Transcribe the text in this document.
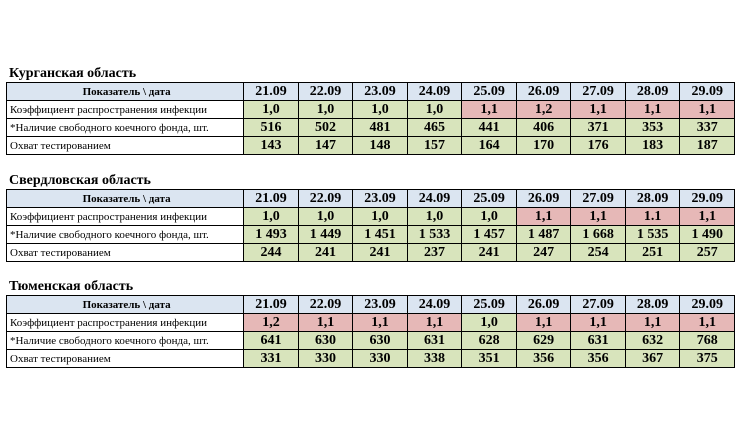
Курганская область
Показатель \ дата	21.09	22.09	23.09	24.09	25.09	26.09	27.09	28.09	29.09
Коэффициент распространения инфекции	1,0	1,0	1,0	1,0	1,1	1,2	1,1	1,1	1,1
*Наличие свободного коечного фонда, шт.	516	502	481	465	441	406	371	353	337
Охват тестированием	143	147	148	157	164	170	176	183	187
Свердловская область
Показатель \ дата	21.09	22.09	23.09	24.09	25.09	26.09	27.09	28.09	29.09
Коэффициент распространения инфекции	1,0	1,0	1,0	1,0	1,0	1,1	1,1	1.1	1,1
*Наличие свободного коечного фонда, шт.	1 493	1 449	1 451	1 533	1 457	1 487	1 668	1 535	1 490
Охват тестированием	244	241	241	237	241	247	254	251	257
Тюменская область
Показатель \ дата	21.09	22.09	23.09	24.09	25.09	26.09	27.09	28.09	29.09
Коэффициент распространения инфекции	1,2	1,1	1,1	1,1	1,0	1,1	1,1	1,1	1,1
*Наличие свободного коечного фонда, шт.	641	630	630	631	628	629	631	632	768
Охват тестированием	331	330	330	338	351	356	356	367	375
